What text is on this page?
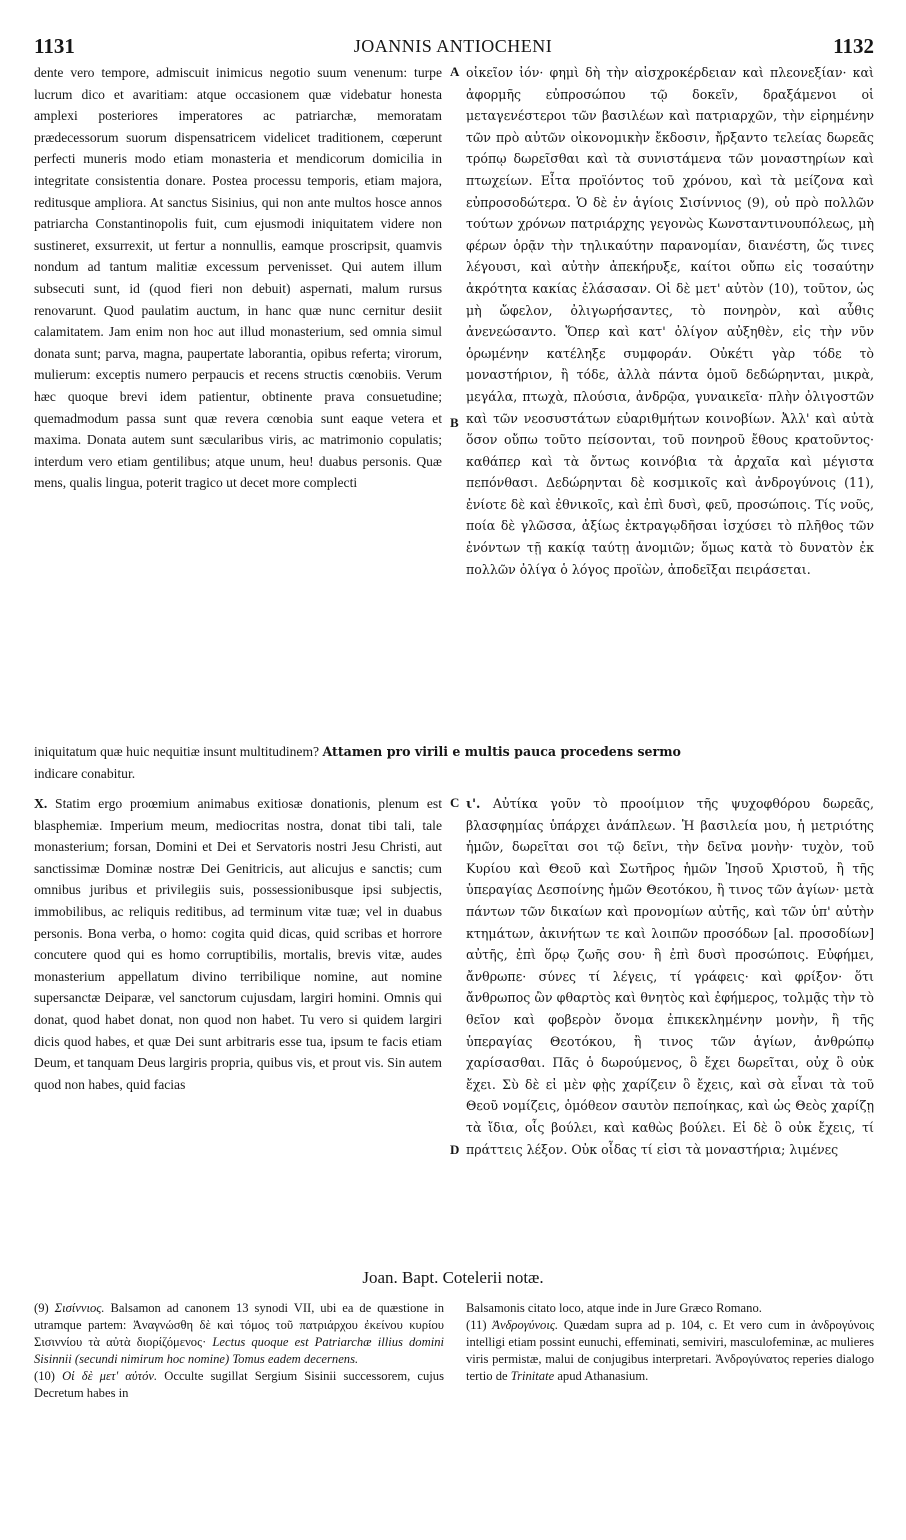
1131	JOANNIS ANTIOCHENI	1132
A
B
C
D

dente vero tempore, admiscuit inimicus negotio suum venenum: turpe lucrum dico et avaritiam: atque occasionem quæ videbatur honesta amplexi posteriores imperatores ac patriarchæ, memoratam prædecessorum suorum dispensatricem videlicet traditionem, cœperunt perfecti muneris modo etiam monasteria et mendicorum domicilia in integritate consistentia donare. Postea processu temporis, etiam majora, reditusque ampliora. At sanctus Sisinius, qui non ante multos hosce annos patriarcha Constantinopolis fuit, cum ejusmodi iniquitatem videre non sustineret, exsurrexit, ut fertur a nonnullis, eamque proscripsit, quamvis nondum ad tantum malitiæ excessum pervenisset. Qui autem illum subsecuti sunt, id (quod fieri non debuit) aspernati, malum rursus renovarunt. Quod paulatim auctum, in hanc quæ nunc cernitur desiit calamitatem. Jam enim non hoc aut illud monasterium, sed omnia simul donata sunt; parva, magna, paupertate laborantia, opibus referta; virorum, mulierum: exceptis numero perpaucis et recens structis cœnobiis. Verum hæc quoque brevi idem patientur, obtinente prava consuetudine; quemadmodum passa sunt quæ revera cœnobia sunt eaque vetera et maxima. Donata autem sunt sæcularibus viris, ac matrimonio copulatis; interdum vero etiam gentilibus; atque unum, heu! duabus personis. Quæ mens, qualis lingua, poterit tragico ut decet more complecti

οἰκεῖον ἰόν· φημὶ δὴ τὴν αἰσχροκέρδειαν καὶ πλεονεξίαν· καὶ ἀφορμῆς εὐπροσώπου τῷ δοκεῖν, δραξάμενοι οἱ μεταγενέστεροι τῶν βασιλέων καὶ πατριαρχῶν, τὴν εἰρημένην τῶν πρὸ αὐτῶν οἰκονομικὴν ἔκδοσιν, ἤρξαντο τελείας δωρεᾶς τρόπῳ δωρεῖσθαι καὶ τὰ συνιστάμενα τῶν μοναστηρίων καὶ πτωχείων. Εἶτα προϊόντος τοῦ χρόνου, καὶ τὰ μείζονα καὶ εὐπροσοδώτερα. Ὁ δὲ ἐν ἁγίοις Σισίννιος (9), οὐ πρὸ πολλῶν τούτων χρόνων πατριάρχης γεγονὼς Κωνσταντινουπόλεως, μὴ φέρων ὁρᾷν τὴν τηλικαύτην παρανομίαν, διανέστη, ὥς τινες λέγουσι, καὶ αὐτὴν ἀπεκήρυξε, καίτοι οὔπω εἰς τοσαύτην ἀκρότητα κακίας ἐλάσασαν. Οἱ δὲ μετ' αὐτὸν (10), τοῦτον, ὡς μὴ ὤφελον, ὀλιγωρήσαντες, τὸ πονηρὸν, καὶ αὖθις ἀνενεώσαντο. Ὅπερ καὶ κατ' ὀλίγον αὐξηθὲν, εἰς τὴν νῦν ὁρωμένην κατέληξε συμφοράν. Οὐκέτι γὰρ τόδε τὸ μοναστήριον, ἢ τόδε, ἀλλὰ πάντα ὁμοῦ δεδώρηνται, μικρὰ, μεγάλα, πτωχὰ, πλούσια, ἀνδρῷα, γυναικεῖα· πλὴν ὀλιγοστῶν καὶ τῶν νεοσυστάτων εὐαριθμήτων κοινοβίων. Ἀλλ' καὶ αὐτὰ ὅσον οὔπω τοῦτο πείσονται, τοῦ πονηροῦ ἔθους κρατοῦντος· καθάπερ καὶ τὰ ὄντως κοινόβια τὰ ἀρχαῖα καὶ μέγιστα πεπόνθασι. Δεδώρηνται δὲ κοσμικοῖς καὶ ἀνδρογύνοις (11), ἐνίοτε δὲ καὶ ἐθνικοῖς, καὶ ἐπὶ δυσὶ, φεῦ, προσώποις. Τίς νοῦς, ποία δὲ γλῶσσα, ἀξίως ἐκτραγῳδῆσαι ἰσχύσει τὸ πλῆθος τῶν ἐνόντων τῇ κακίᾳ ταύτῃ ἀνομιῶν; ὅμως κατὰ τὸ δυνατὸν ἐκ πολλῶν ὀλίγα ὁ λόγος προϊὼν, ἀποδεῖξαι πειράσεται.

iniquitatum quæ huic nequitiæ insunt multitudinem? Attamen pro virili e multis pauca procedens sermo
indicare conabitur.

X. Statim ergo proœmium animabus exitiosæ donationis, plenum est blasphemiæ. Imperium meum, mediocritas nostra, donat tibi tali, tale monasterium; forsan, Domini et Dei et Servatoris nostri Jesu Christi, aut sanctissimæ Dominæ nostræ Dei Genitricis, aut alicujus e sanctis; cum omnibus juribus et privilegiis suis, possessionibusque ipsi subjectis, immobilibus, ac reliquis reditibus, ad terminum vitæ tuæ; vel in duabus personis. Bona verba, o homo: cogita quid dicas, quid scribas et horrore concutere quod qui es homo corruptibilis, mortalis, brevis vitæ, audes monasterium appellatum divino terribilique nomine, aut nomine supersanctæ Deiparæ, vel sanctorum cujusdam, largiri homini. Omnis qui donat, quod habet donat, non quod non habet. Tu vero si quidem largiri dicis quod habes, et quæ Dei sunt arbitraris esse tua, ipsum te facis etiam Deum, et tanquam Deus largiris propria, quibus vis, et prout vis. Sin autem quod non habes, quid facias

ι'. Αὐτίκα γοῦν τὸ προοίμιον τῆς ψυχοφθόρου δωρεᾶς, βλασφημίας ὑπάρχει ἀνάπλεων. Ἡ βασιλεία μου, ἡ μετριότης ἡμῶν, δωρεῖται σοι τῷ δεῖνι, τὴν δεῖνα μονὴν· τυχὸν, τοῦ Κυρίου καὶ Θεοῦ καὶ Σωτῆρος ἡμῶν Ἰησοῦ Χριστοῦ, ἢ τῆς ὑπεραγίας Δεσποίνης ἡμῶν Θεοτόκου, ἢ τινος τῶν ἁγίων· μετὰ πάντων τῶν δικαίων καὶ προνομίων αὐτῆς, καὶ τῶν ὑπ' αὐτὴν κτημάτων, ἀκινήτων τε καὶ λοιπῶν προσόδων [al. προσοδίων] αὐτῆς, ἐπὶ ὅρῳ ζωῆς σου· ἢ ἐπὶ δυσὶ προσώποις. Εὐφήμει, ἄνθρωπε· σύνες τί λέγεις, τί γράφεις· καὶ φρίξον· ὅτι ἄνθρωπος ὢν φθαρτὸς καὶ θνητὸς καὶ ἐφήμερος, τολμᾷς τὴν τὸ θεῖον καὶ φοβερὸν ὄνομα ἐπικεκλημένην μονὴν, ἢ τῆς ὑπεραγίας Θεοτόκου, ἢ τινος τῶν ἁγίων, ἀνθρώπῳ χαρίσασθαι. Πᾶς ὁ δωρούμενος, ὃ ἔχει δωρεῖται, οὐχ ὃ οὐκ ἔχει. Σὺ δὲ εἰ μὲν φῂς χαρίζειν ὃ ἔχεις, καὶ σὰ εἶναι τὰ τοῦ Θεοῦ νομίζεις, ὁμόθεον σαυτὸν πεποίηκας, καὶ ὡς Θεὸς χαρίζῃ τὰ ἴδια, οἷς βούλει, καὶ καθὼς βούλει. Εἰ δὲ ὃ οὐκ ἔχεις, τί πράττεις λέξον. Οὐκ οἶδας τί εἰσι τὰ μοναστήρια; λιμένες

Joan. Bapt. Cotelerii notæ.

(9) Σισίννιος. Balsamon ad canonem 13 synodi VII, ubi ea de quæstione in utramque partem: Ἀναγνώσθη δὲ καὶ τόμος τοῦ πατριάρχου ἐκείνου κυρίου Σισιννίου τὰ αὐτὰ διορίζόμενος· Lectus quoque est Patriarchæ illius domini Sisinnii (secundi nimirum hoc nomine) Tomus eadem decernens.

(10) Οἱ δὲ μετ' αὐτόν. Occulte sugillat Sergium Sisinii successorem, cujus Decretum habes in

Balsamonis citato loco, atque inde in Jure Græco Romano.

(11) Ἀνδρογύνοις. Quædam supra ad p. 104, c. Et vero cum in ἀνδρογύνοις intelligi etiam possint eunuchi, effeminati, semiviri, masculofeminæ, ac mulieres viris permistæ, malui de conjugibus interpretari. Ἀνδρογύνατος reperies dialogo tertio de Trinitate apud Athanasium.
